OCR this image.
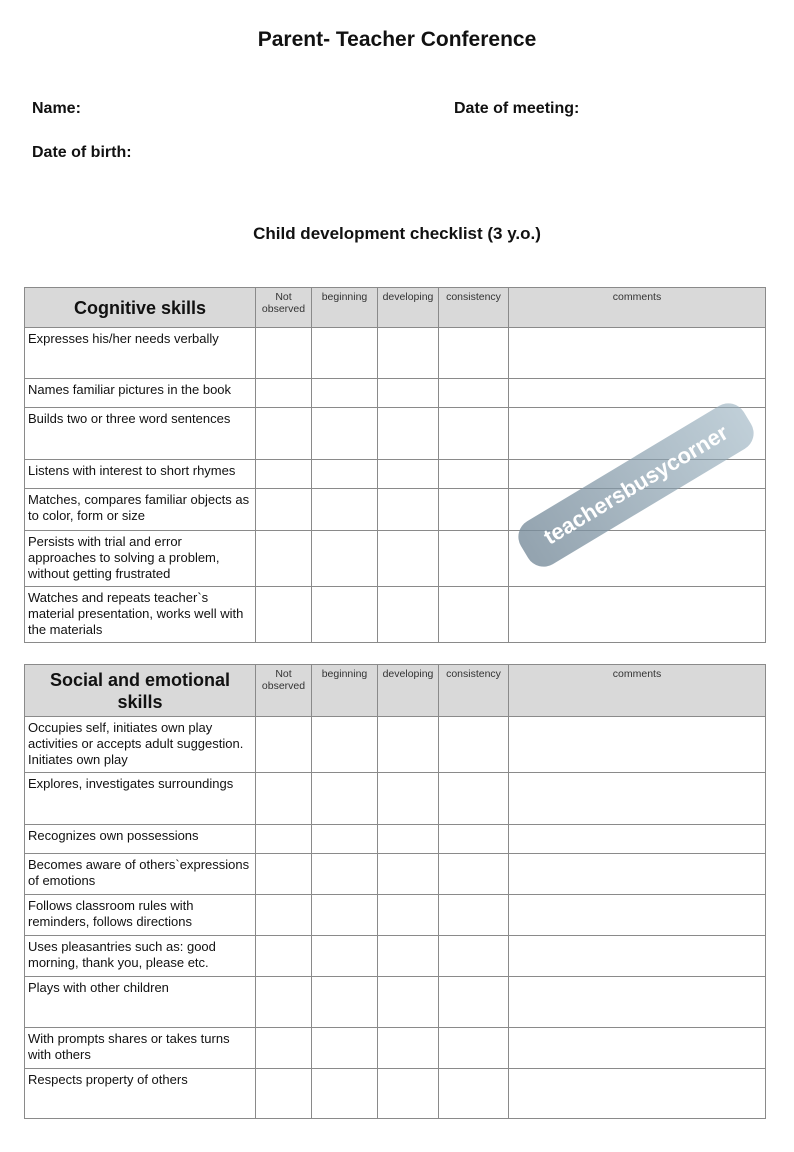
Parent- Teacher Conference
Name:	Date of meeting:
Date of birth:
Child development checklist (3 y.o.)
Cognitive skills	Not observed	beginning	developing	consistency	comments
Expresses his/her needs verbally					
Names familiar pictures in the book					
Builds two or three word sentences					
Listens with interest to short rhymes					
Matches, compares familiar objects as to color, form or size					
Persists with trial and error approaches to solving a problem, without getting frustrated					
Watches and repeats teacher`s material presentation, works well with the materials					
Social and emotional skills	Not observed	beginning	developing	consistency	comments
Occupies self, initiates own play activities or accepts adult suggestion. Initiates own play					
Explores, investigates surroundings					
Recognizes own possessions					
Becomes aware of others`expressions of emotions					
Follows classroom rules with reminders, follows directions					
Uses pleasantries such as: good morning, thank you, please etc.					
Plays with other children					
With prompts shares or takes turns with others					
Respects property of others					
teachersbusycorner
